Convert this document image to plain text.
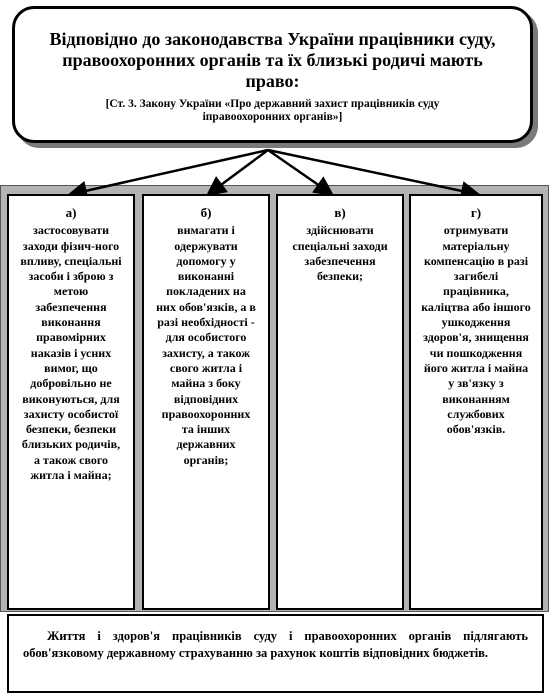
Відповідно до законодавства України працівники суду, правоохоронних органів та їх близькі родичі мають право:
[Ст. 3. Закону України «Про державний захист працівників суду іправоохоронних органів»]
а)
застосовувати заходи фізич-ного впливу, спеціальні засоби і зброю з метою забезпечення виконання правомірних наказів і усних вимог, що добровільно не виконуються, для захисту особистої безпеки, безпеки близьких родичів, а також свого житла і майна;
б)
вимагати і одержувати допомогу у виконанні покладених на них обов'язків, а в разі необхідності - для особистого захисту, а також свого житла і майна з боку відповідних правоохоронних та інших державних органів;
в)
здійснювати спеціальні заходи забезпечення безпеки;
г)
отримувати матеріальну компенсацію в разі загибелі працівника, каліцтва або іншого ушкодження здоров'я, знищення чи пошкодження його житла і майна у зв'язку з виконанням службових обов'язків.
Життя і здоров'я працівників суду і правоохоронних органів підлягають обов'язковому державному страхуванню за рахунок коштів відповідних бюджетів.
